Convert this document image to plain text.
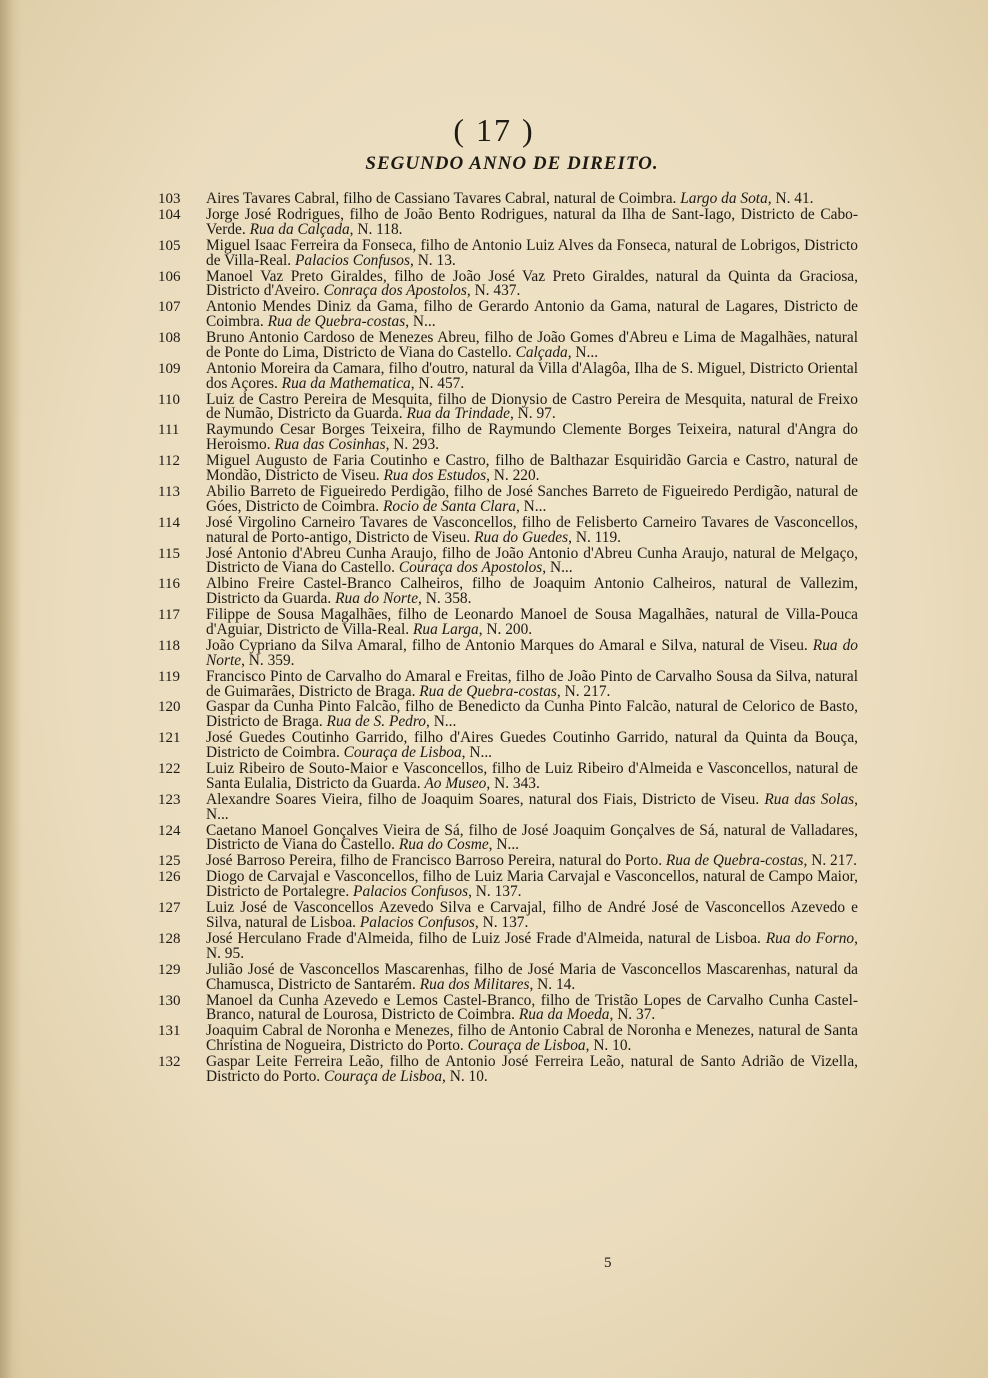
( 17 )
SEGUNDO ANNO DE DIREITO.
103	Aires Tavares Cabral, filho de Cassiano Tavares Cabral, natural de Coimbra. Largo da Sota, N. 41.
104	Jorge José Rodrigues, filho de João Bento Rodrigues, natural da Ilha de Sant-Iago, Districto de Cabo-Verde. Rua da Calçada, N. 118.
105	Miguel Isaac Ferreira da Fonseca, filho de Antonio Luiz Alves da Fonseca, natural de Lobrigos, Districto de Villa-Real. Palacios Confusos, N. 13.
106	Manoel Vaz Preto Giraldes, filho de João José Vaz Preto Giraldes, natural da Quinta da Graciosa, Districto d'Aveiro. Conraça dos Apostolos, N. 437.
107	Antonio Mendes Diniz da Gama, filho de Gerardo Antonio da Gama, natural de Lagares, Districto de Coimbra. Rua de Quebra-costas, N...
108	Bruno Antonio Cardoso de Menezes Abreu, filho de João Gomes d'Abreu e Lima de Magalhães, natural de Ponte do Lima, Districto de Viana do Castello. Calçada, N...
109	Antonio Moreira da Camara, filho d'outro, natural da Villa d'Alagôa, Ilha de S. Miguel, Districto Oriental dos Açores. Rua da Mathematica, N. 457.
110	Luiz de Castro Pereira de Mesquita, filho de Dionysio de Castro Pereira de Mesquita, natural de Freixo de Numão, Districto da Guarda. Rua da Trindade, N. 97.
111	Raymundo Cesar Borges Teixeira, filho de Raymundo Clemente Borges Teixeira, natural d'Angra do Heroismo. Rua das Cosinhas, N. 293.
112	Miguel Augusto de Faria Coutinho e Castro, filho de Balthazar Esquiridão Garcia e Castro, natural de Mondão, Districto de Viseu. Rua dos Estudos, N. 220.
113	Abilio Barreto de Figueiredo Perdigão, filho de José Sanches Barreto de Figueiredo Perdigão, natural de Góes, Districto de Coimbra. Rocio de Santa Clara, N...
114	José Virgolino Carneiro Tavares de Vasconcellos, filho de Felisberto Carneiro Tavares de Vasconcellos, natural de Porto-antigo, Districto de Viseu. Rua do Guedes, N. 119.
115	José Antonio d'Abreu Cunha Araujo, filho de João Antonio d'Abreu Cunha Araujo, natural de Melgaço, Districto de Viana do Castello. Couraça dos Apostolos, N...
116	Albino Freire Castel-Branco Calheiros, filho de Joaquim Antonio Calheiros, natural de Vallezim, Districto da Guarda. Rua do Norte, N. 358.
117	Filippe de Sousa Magalhães, filho de Leonardo Manoel de Sousa Magalhães, natural de Villa-Pouca d'Aguiar, Districto de Villa-Real. Rua Larga, N. 200.
118	João Cypriano da Silva Amaral, filho de Antonio Marques do Amaral e Silva, natural de Viseu. Rua do Norte, N. 359.
119	Francisco Pinto de Carvalho do Amaral e Freitas, filho de João Pinto de Carvalho Sousa da Silva, natural de Guimarães, Districto de Braga. Rua de Quebra-costas, N. 217.
120	Gaspar da Cunha Pinto Falcão, filho de Benedicto da Cunha Pinto Falcão, natural de Celorico de Basto, Districto de Braga. Rua de S. Pedro, N...
121	José Guedes Coutinho Garrido, filho d'Aires Guedes Coutinho Garrido, natural da Quinta da Bouça, Districto de Coimbra. Couraça de Lisboa, N...
122	Luiz Ribeiro de Souto-Maior e Vasconcellos, filho de Luiz Ribeiro d'Almeida e Vasconcellos, natural de Santa Eulalia, Districto da Guarda. Ao Museo, N. 343.
123	Alexandre Soares Vieira, filho de Joaquim Soares, natural dos Fiais, Districto de Viseu. Rua das Solas, N...
124	Caetano Manoel Gonçalves Vieira de Sá, filho de José Joaquim Gonçalves de Sá, natural de Valladares, Districto de Viana do Castello. Rua do Cosme, N...
125	José Barroso Pereira, filho de Francisco Barroso Pereira, natural do Porto. Rua de Quebra-costas, N. 217.
126	Diogo de Carvajal e Vasconcellos, filho de Luiz Maria Carvajal e Vasconcellos, natural de Campo Maior, Districto de Portalegre. Palacios Confusos, N. 137.
127	Luiz José de Vasconcellos Azevedo Silva e Carvajal, filho de André José de Vasconcellos Azevedo e Silva, natural de Lisboa. Palacios Confusos, N. 137.
128	José Herculano Frade d'Almeida, filho de Luiz José Frade d'Almeida, natural de Lisboa. Rua do Forno, N. 95.
129	Julião José de Vasconcellos Mascarenhas, filho de José Maria de Vasconcellos Mascarenhas, natural da Chamusca, Districto de Santarém. Rua dos Militares, N. 14.
130	Manoel da Cunha Azevedo e Lemos Castel-Branco, filho de Tristão Lopes de Carvalho Cunha Castel-Branco, natural de Lourosa, Districto de Coimbra. Rua da Moeda, N. 37.
131	Joaquim Cabral de Noronha e Menezes, filho de Antonio Cabral de Noronha e Menezes, natural de Santa Christina de Nogueira, Districto do Porto. Couraça de Lisboa, N. 10.
132	Gaspar Leite Ferreira Leão, filho de Antonio José Ferreira Leão, natural de Santo Adrião de Vizella, Districto do Porto. Couraça de Lisboa, N. 10.
5
